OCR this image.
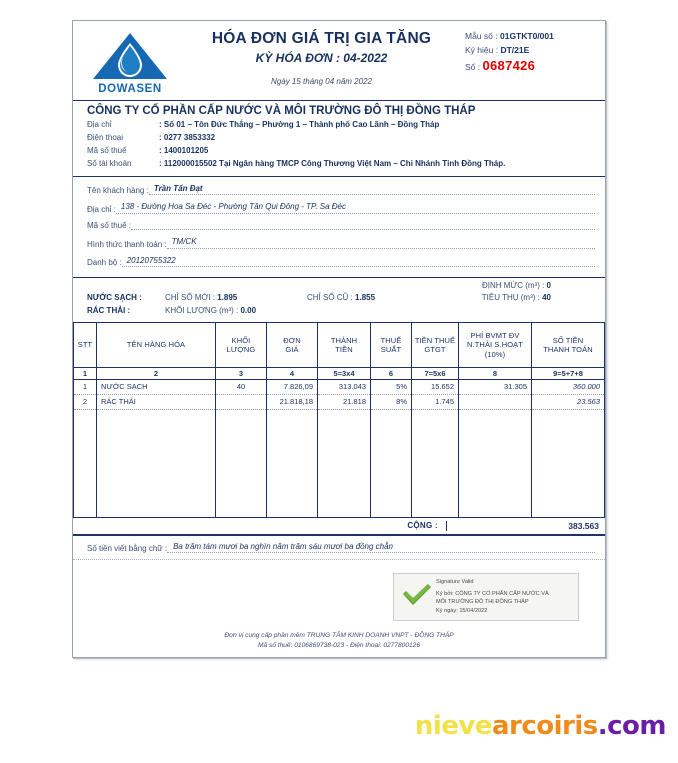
DOWASEN
HÓA ĐƠN GIÁ TRỊ GIA TĂNG
KỲ HÓA ĐƠN : 04-2022
Ngày 15 tháng 04 năm 2022
Mẫu số : 01GTKT0/001
Ký hiệu : DT/21E
Số : 0687426
CÔNG TY CỔ PHẦN CẤP NƯỚC VÀ MÔI TRƯỜNG ĐÔ THỊ ĐỒNG THÁP
Địa chỉ	: Số 01 – Tôn Đức Thắng – Phường 1 – Thành phố Cao Lãnh – Đồng Tháp
Điện thoại	: 0277 3853332
Mã số thuế	: 1400101205
Số tài khoản	: 112000015502 Tại Ngân hàng TMCP Công Thương Việt Nam – Chi Nhánh Tỉnh Đồng Tháp.
Tên khách hàng : Trần Tấn Đạt
Địa chỉ : 138 - Đường Hoa Sa Đéc - Phường Tân Qui Đông - TP. Sa Đéc
Mã số thuế :
Hình thức thanh toán : TM/CK
Danh bộ : 20120755322
ĐỊNH MỨC (m³) : 0
NƯỚC SẠCH :	CHỈ SỐ MỚI : 1.895	CHỈ SỐ CŨ : 1.855	TIÊU THỤ (m³) : 40
RÁC THẢI :	KHỐI LƯỢNG (m³) : 0.00
STT	TÊN HÀNG HÓA	
KHỐI
LƯỢNG

ĐƠN
GIÁ

THÀNH
TIỀN

THUẾ
SUẤT

TIỀN THUẾ
GTGT

PHÍ BVMT ĐV
N.THẢI S.HOẠT
(10%)

SỐ TIỀN
THANH TOÁN

1	2	3	4	5=3x4	6	7=5x6	8	9=5+7+8
1	NƯỚC SẠCH	40	7.826,09	313.043	5%	15.652	31.305	360.000
2	RÁC THẢI		21.818,18	21.818	8%	1.745		23.563

CỘNG :	383.563
Số tiền viết bằng chữ : Ba trăm tám mươi ba nghìn năm trăm sáu mươi ba đồng chẵn
Signature Valid
Ký bởi: CÔNG TY CỔ PHẦN CẤP NƯỚC VÀ
MÔI TRƯỜNG ĐÔ THỊ ĐỒNG THÁP
Ký ngày: 15/04/2022
Đơn vị cung cấp phần mềm TRUNG TÂM KINH DOANH VNPT - ĐỒNG THÁP
Mã số thuế: 0106869738-023 - Điện thoại: 0277800126
nievearcoiris.com
